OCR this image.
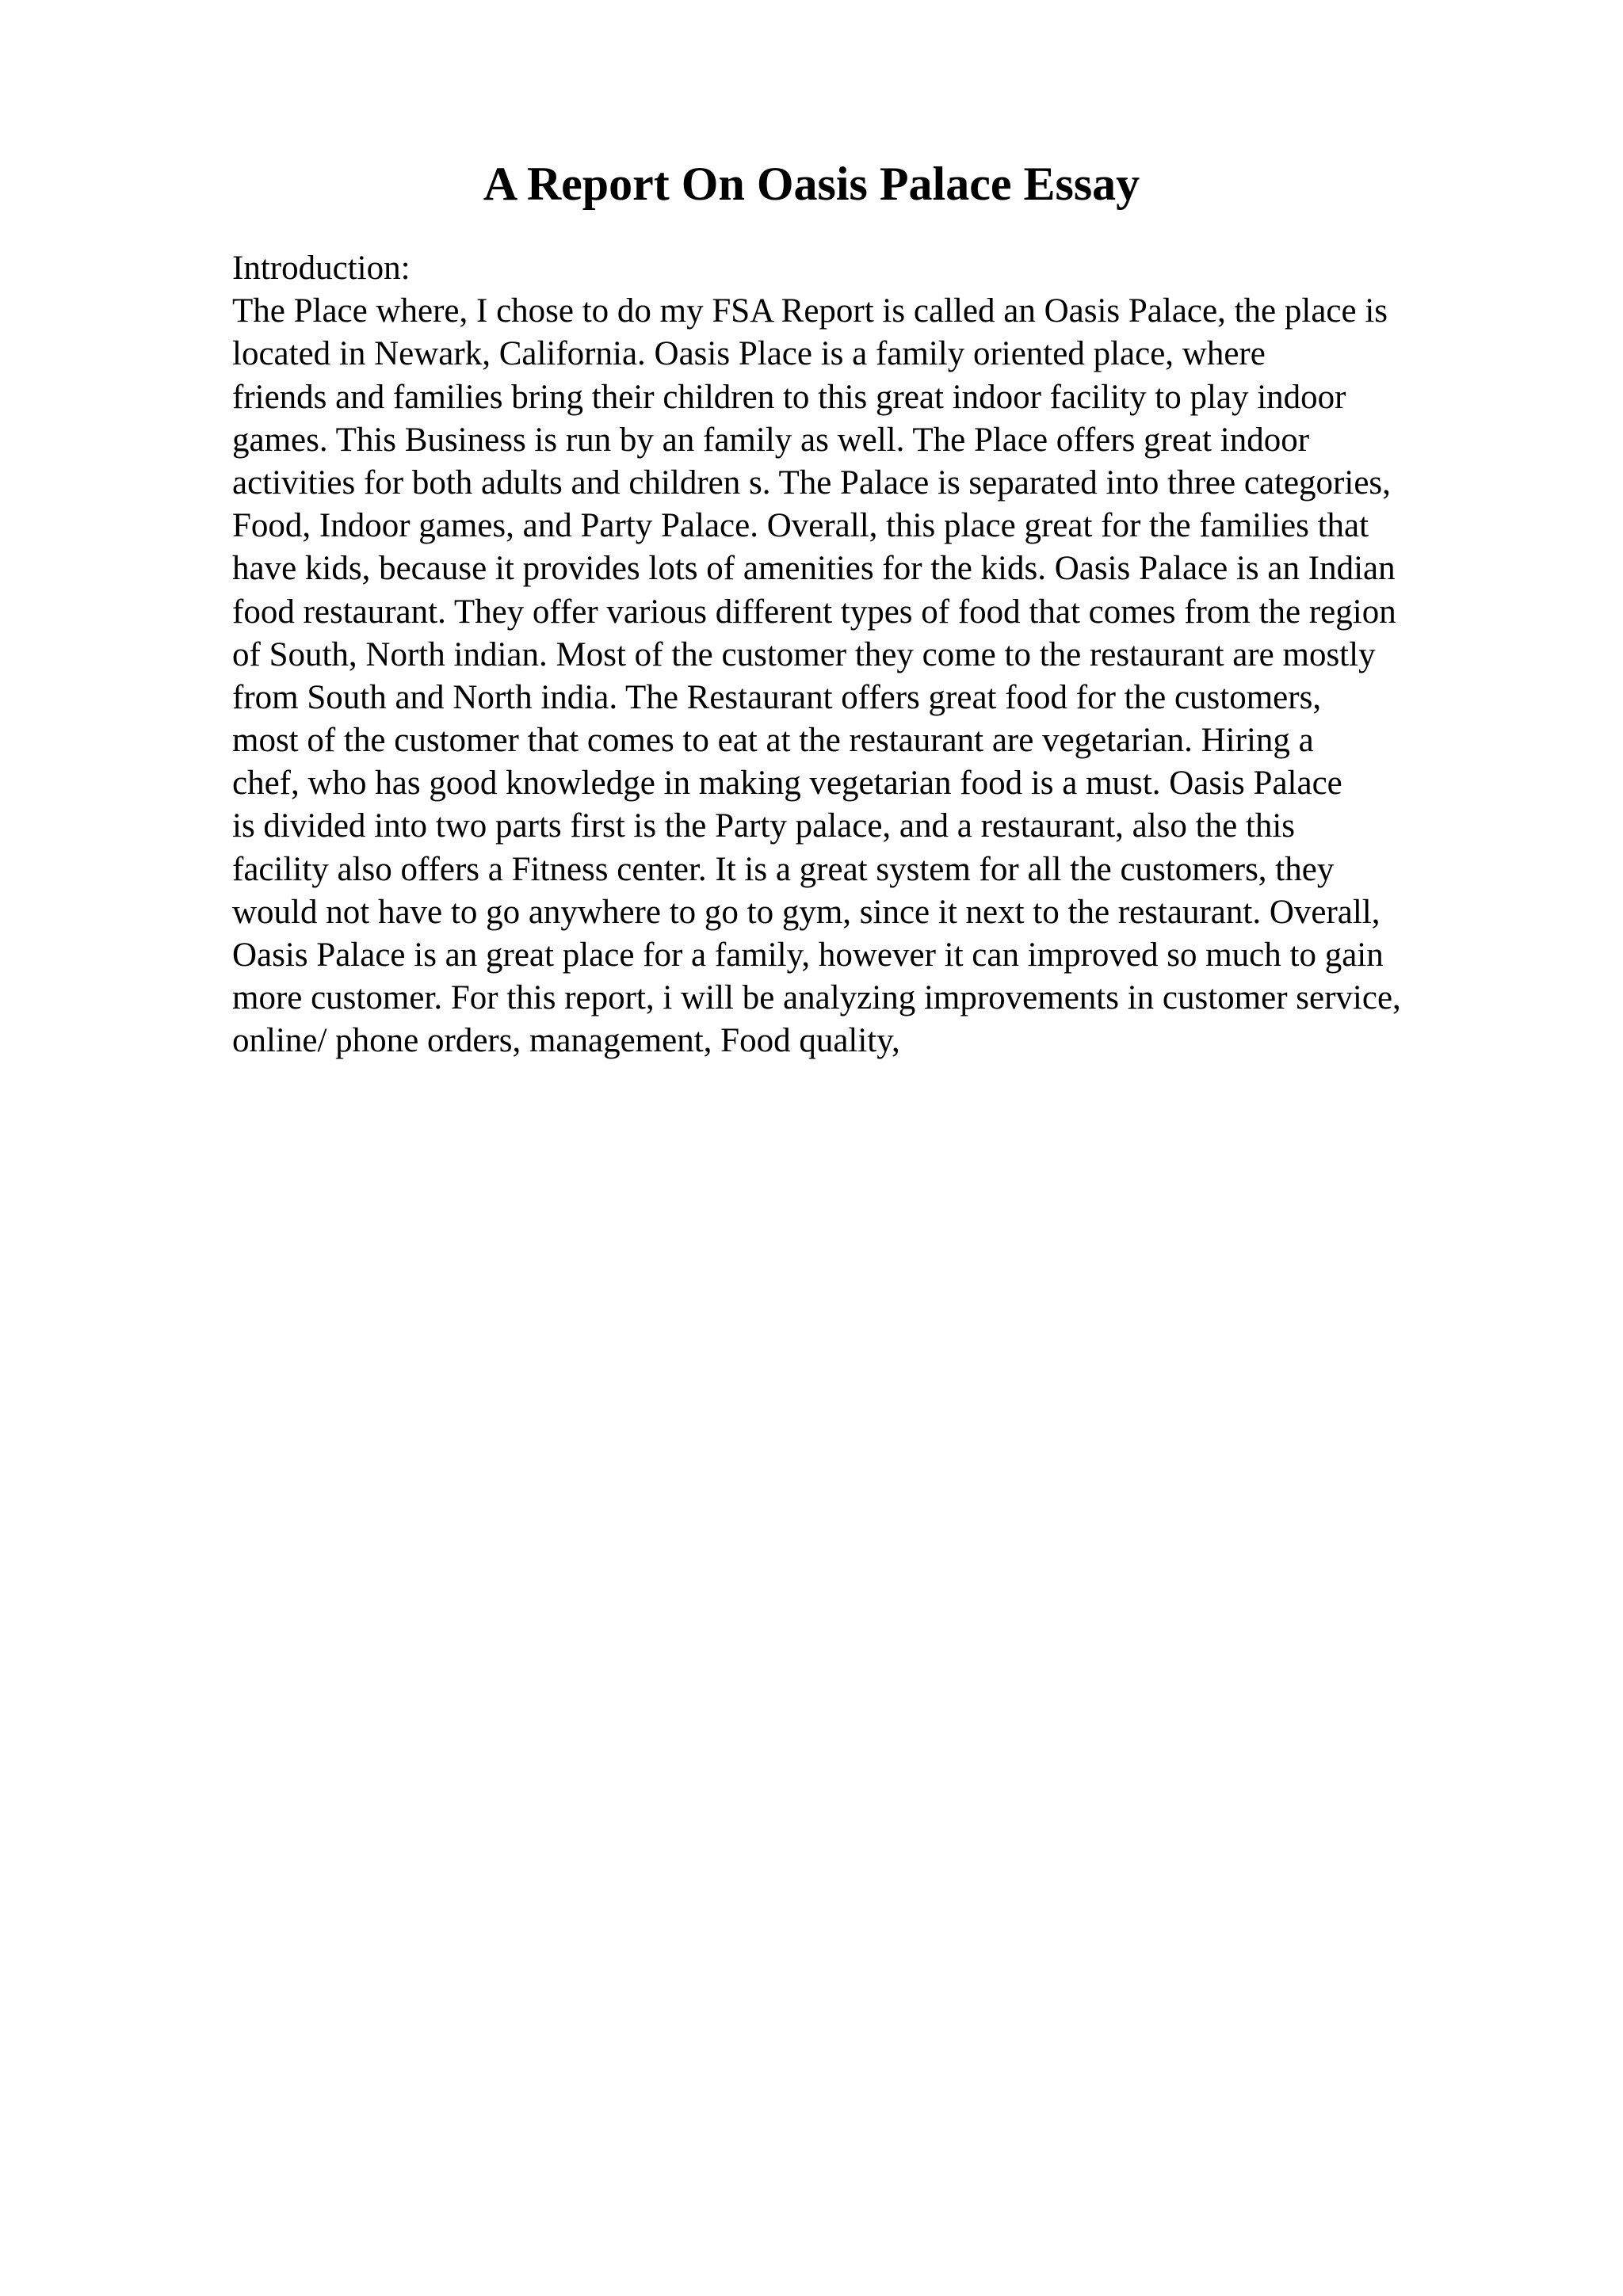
A Report On Oasis Palace Essay
Introduction:
The Place where, I chose to do my FSA Report is called an Oasis Palace, the place is
located in Newark, California. Oasis Place is a family oriented place, where
friends and families bring their children to this great indoor facility to play indoor
games. This Business is run by an family as well. The Place offers great indoor
activities for both adults and children s. The Palace is separated into three categories,
Food, Indoor games, and Party Palace. Overall, this place great for the families that
have kids, because it provides lots of amenities for the kids. Oasis Palace is an Indian
food restaurant. They offer various different types of food that comes from the region
of South, North indian. Most of the customer they come to the restaurant are mostly
from South and North india. The Restaurant offers great food for the customers,
most of the customer that comes to eat at the restaurant are vegetarian. Hiring a
chef, who has good knowledge in making vegetarian food is a must. Oasis Palace
is divided into two parts first is the Party palace, and a restaurant, also the this
facility also offers a Fitness center. It is a great system for all the customers, they
would not have to go anywhere to go to gym, since it next to the restaurant. Overall,
Oasis Palace is an great place for a family, however it can improved so much to gain
more customer. For this report, i will be analyzing improvements in customer service,
online/ phone orders, management, Food quality,
